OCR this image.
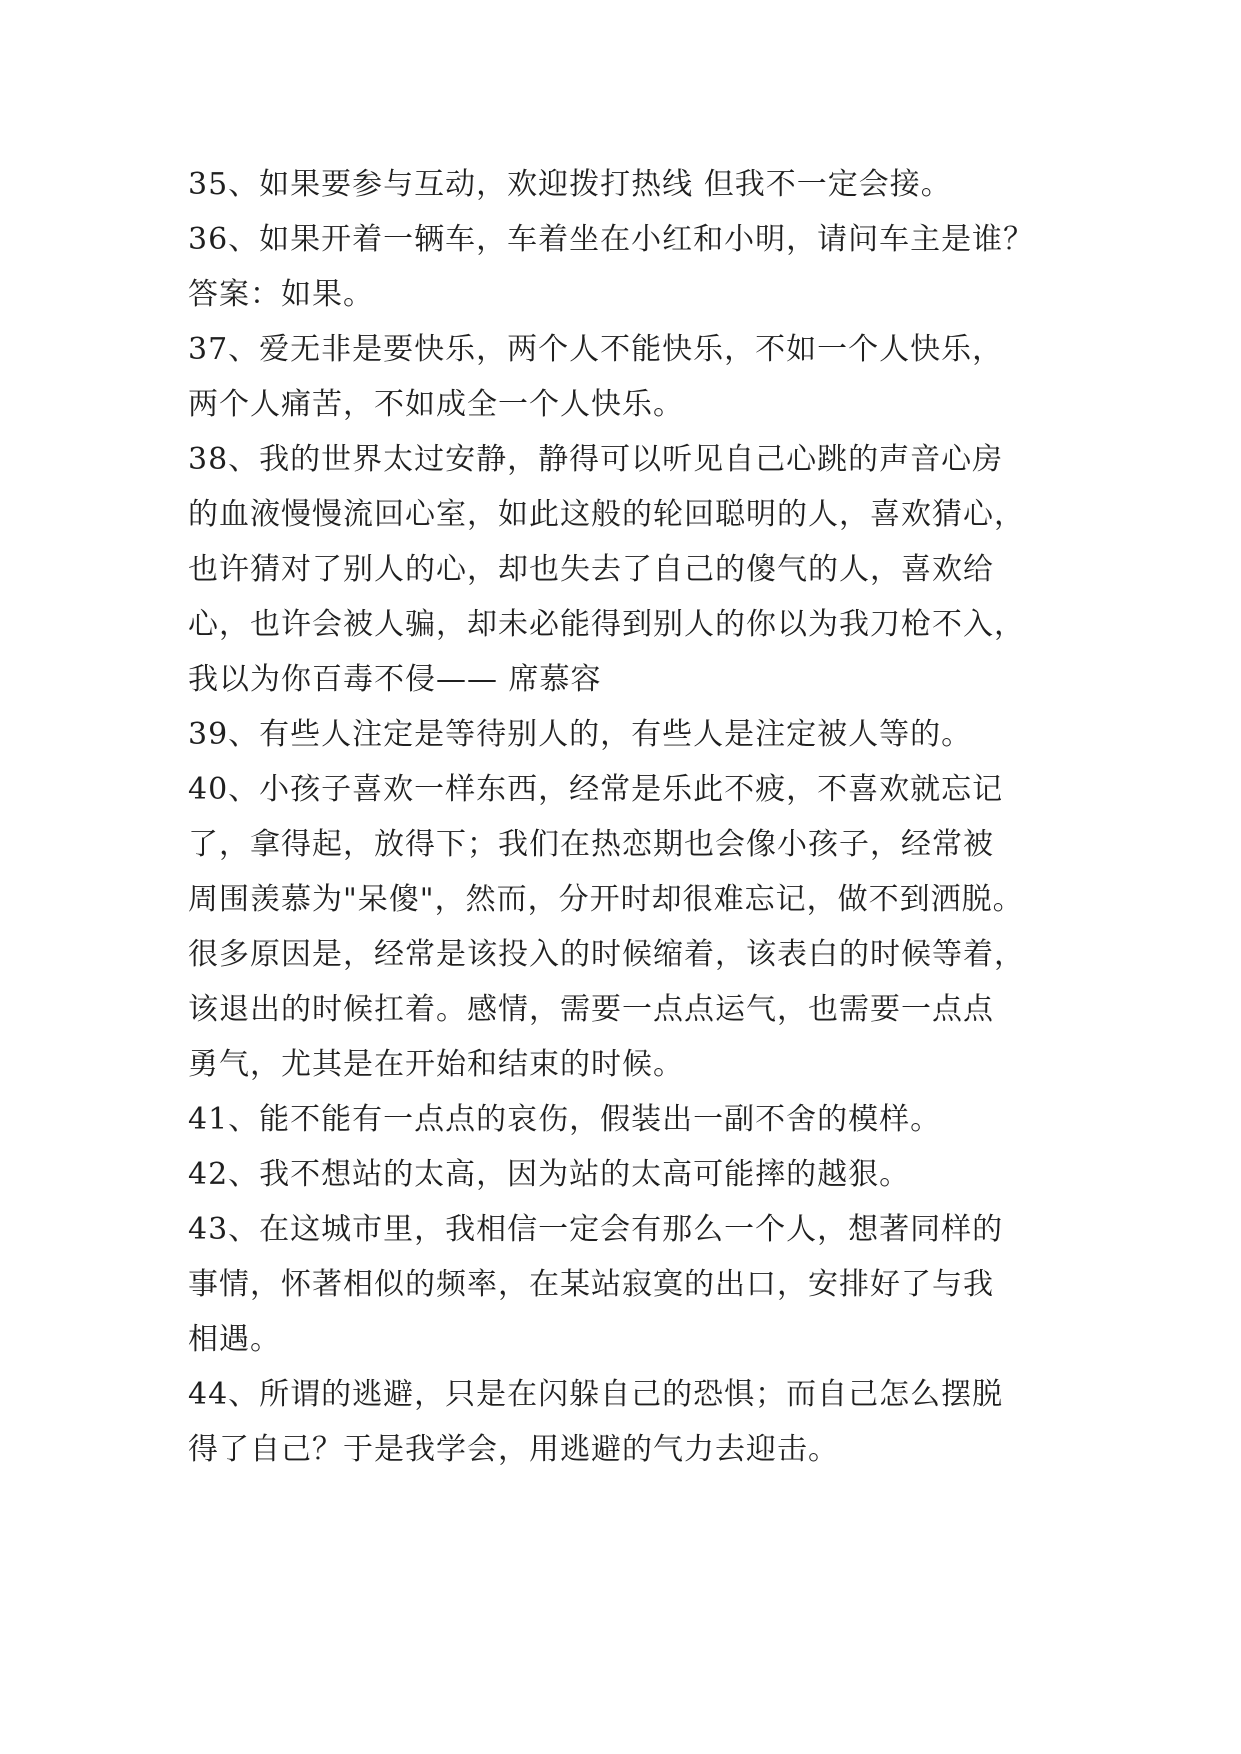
35、如果要参与互动，欢迎拨打热线 但我不一定会接。
36、如果开着一辆车，车着坐在小红和小明，请问车主是谁？
答案：如果。
37、爱无非是要快乐，两个人不能快乐，不如一个人快乐，
两个人痛苦，不如成全一个人快乐。
38、我的世界太过安静，静得可以听见自己心跳的声音心房
的血液慢慢流回心室，如此这般的轮回聪明的人，喜欢猜心，
也许猜对了别人的心，却也失去了自己的傻气的人，喜欢给
心，也许会被人骗，却未必能得到别人的你以为我刀枪不入，
我以为你百毒不侵—— 席慕容
39、有些人注定是等待别人的，有些人是注定被人等的。
40、小孩子喜欢一样东西，经常是乐此不疲，不喜欢就忘记
了，拿得起，放得下；我们在热恋期也会像小孩子，经常被
周围羡慕为"呆傻"，然而，分开时却很难忘记，做不到洒脱。
很多原因是，经常是该投入的时候缩着，该表白的时候等着，
该退出的时候扛着。感情，需要一点点运气，也需要一点点
勇气，尤其是在开始和结束的时候。
41、能不能有一点点的哀伤，假装出一副不舍的模样。
42、我不想站的太高，因为站的太高可能摔的越狠。
43、在这城市里，我相信一定会有那么一个人，想著同样的
事情，怀著相似的频率，在某站寂寞的出口，安排好了与我
相遇。
44、所谓的逃避，只是在闪躲自己的恐惧；而自己怎么摆脱
得了自己？于是我学会，用逃避的气力去迎击。
